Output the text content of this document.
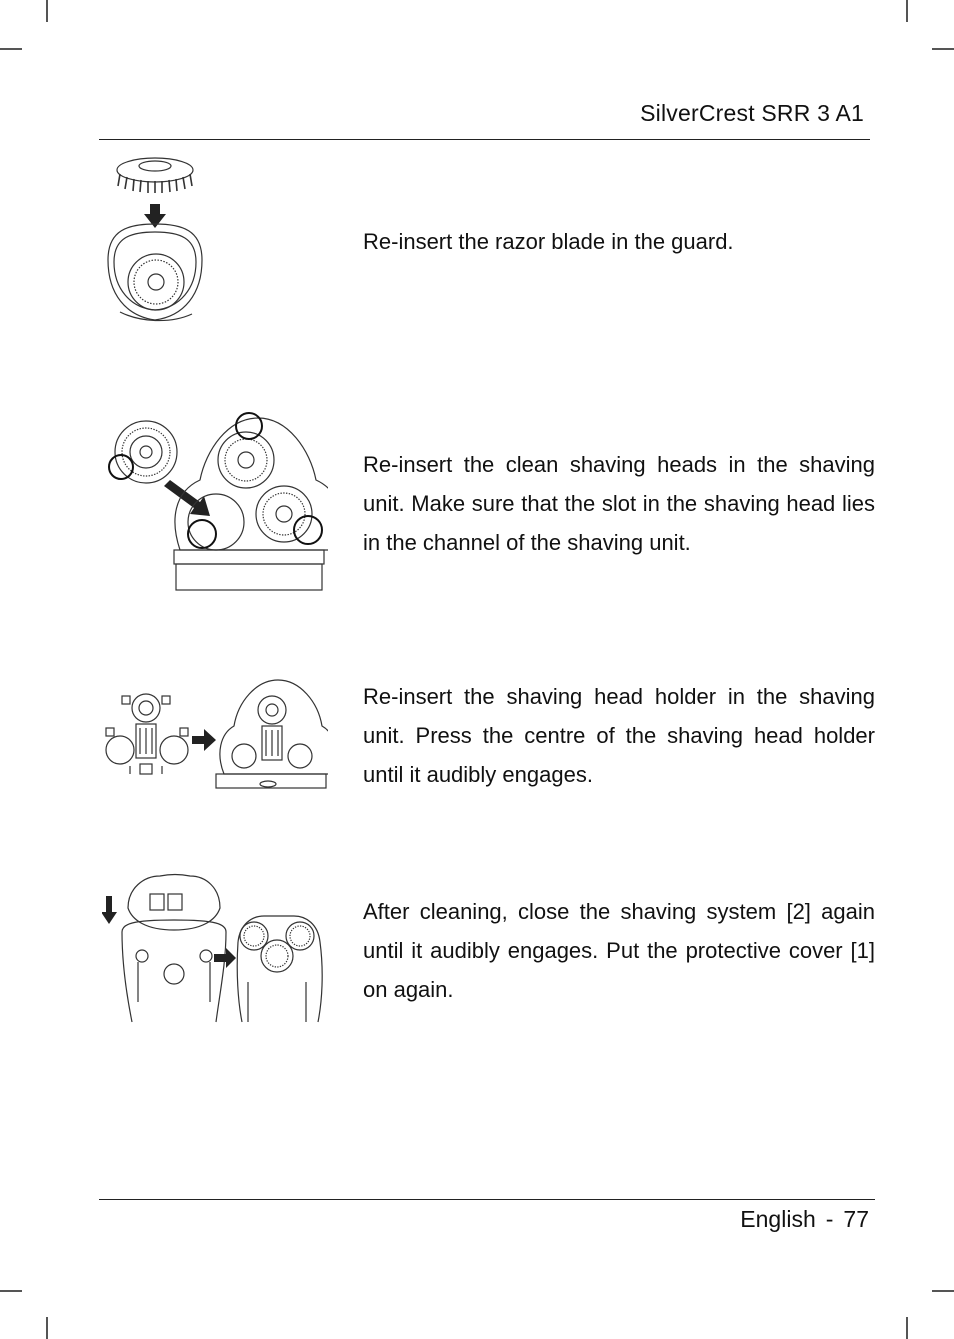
SilverCrest SRR 3 A1
Re-insert the razor blade in the guard.
Re-insert the clean shaving heads in the shaving unit. Make sure that the slot in the shaving head lies in the channel of the shaving unit.
Re-insert the shaving head holder in the shaving unit. Press the centre of the shaving head holder until it audibly engages.
After cleaning, close the shaving system [2] again until it audibly engages. Put the protective cover [1] on again.
English - 77
